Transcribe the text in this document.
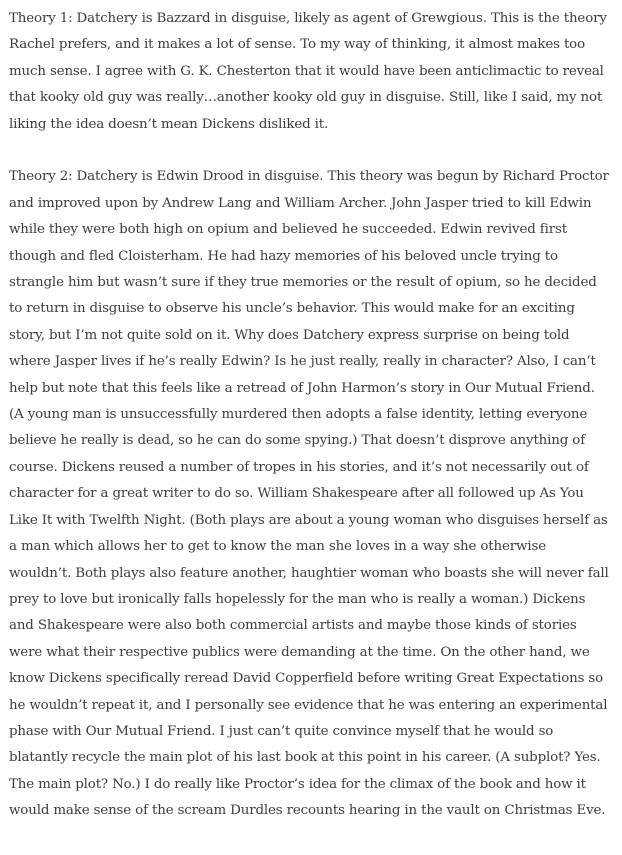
Theory 1: Datchery is Bazzard in disguise, likely as agent of Grewgious. This is the theory Rachel prefers, and it makes a lot of sense. To my way of thinking, it almost makes too much sense. I agree with G. K. Chesterton that it would have been anticlimactic to reveal that kooky old guy was really…another kooky old guy in disguise. Still, like I said, my not liking the idea doesn’t mean Dickens disliked it.

Theory 2: Datchery is Edwin Drood in disguise. This theory was begun by Richard Proctor and improved upon by Andrew Lang and William Archer. John Jasper tried to kill Edwin while they were both high on opium and believed he succeeded. Edwin revived first though and fled Cloisterham. He had hazy memories of his beloved uncle trying to strangle him but wasn’t sure if they true memories or the result of opium, so he decided to return in disguise to observe his uncle’s behavior. This would make for an exciting story, but I’m not quite sold on it. Why does Datchery express surprise on being told where Jasper lives if he’s really Edwin? Is he just really, really in character? Also, I can’t help but note that this feels like a retread of John Harmon’s story in Our Mutual Friend. (A young man is unsuccessfully murdered then adopts a false identity, letting everyone believe he really is dead, so he can do some spying.) That doesn’t disprove anything of course. Dickens reused a number of tropes in his stories, and it’s not necessarily out of character for a great writer to do so. William Shakespeare after all followed up As You Like It with Twelfth Night. (Both plays are about a young woman who disguises herself as a man which allows her to get to know the man she loves in a way she otherwise wouldn’t. Both plays also feature another, haughtier woman who boasts she will never fall prey to love but ironically falls hopelessly for the man who is really a woman.) Dickens and Shakespeare were also both commercial artists and maybe those kinds of stories were what their respective publics were demanding at the time. On the other hand, we know Dickens specifically reread David Copperfield before writing Great Expectations so he wouldn’t repeat it, and I personally see evidence that he was entering an experimental phase with Our Mutual Friend. I just can’t quite convince myself that he would so blatantly recycle the main plot of his last book at this point in his career. (A subplot? Yes. The main plot? No.) I do really like Proctor’s idea for the climax of the book and how it would make sense of the scream Durdles recounts hearing in the vault on Christmas Eve.
